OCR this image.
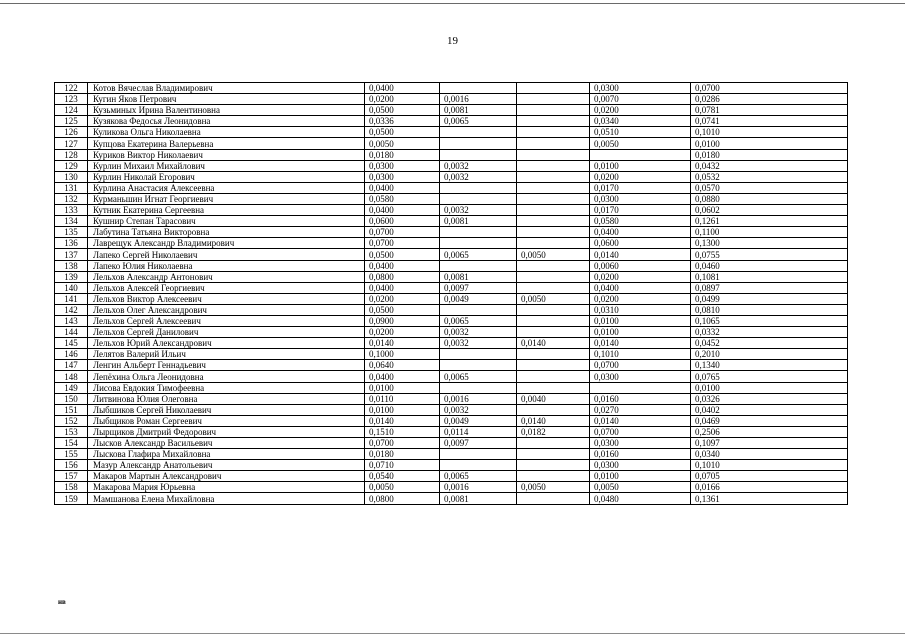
19
122	Котов Вячеслав Владимирович	0,0400			0,0300	0,0700
123	Кугин Яков Петрович	0,0200	0,0016		0,0070	0,0286
124	Кузьминых Ирина Валентиновна	0,0500	0,0081		0,0200	0,0781
125	Кузякова Федосья Леонидовна	0,0336	0,0065		0,0340	0,0741
126	Куликова Ольга Николаевна	0,0500			0,0510	0,1010
127	Купцова Екатерина Валерьевна	0,0050			0,0050	0,0100
128	Куриков Виктор Николаевич	0,0180				0,0180
129	Курлин Михаил Михайлович	0,0300	0,0032		0,0100	0,0432
130	Курлин Николай Егорович	0,0300	0,0032		0,0200	0,0532
131	Курлина Анастасия Алексеевна	0,0400			0,0170	0,0570
132	Курманьшин Игнат Георгиевич	0,0580			0,0300	0,0880
133	Кутник Екатерина Сергеевна	0,0400	0,0032		0,0170	0,0602
134	Кушнир Степан Тарасович	0,0600	0,0081		0,0580	0,1261
135	Лабутина Татьяна Викторовна	0,0700			0,0400	0,1100
136	Лаврещук Александр Владимирович	0,0700			0,0600	0,1300
137	Лапеко Сергей Николаевич	0,0500	0,0065	0,0050	0,0140	0,0755
138	Лапеко Юлия Николаевна	0,0400			0,0060	0,0460
139	Лельхов Александр Антонович	0,0800	0,0081		0,0200	0,1081
140	Лельхов Алексей Георгиевич	0,0400	0,0097		0,0400	0,0897
141	Лельхов Виктор Алексеевич	0,0200	0,0049	0,0050	0,0200	0,0499
142	Лельхов Олег Александрович	0,0500			0,0310	0,0810
143	Лельхов Сергей Алексеевич	0,0900	0,0065		0,0100	0,1065
144	Лельхов Сергей Данилович	0,0200	0,0032		0,0100	0,0332
145	Лельхов Юрий Александрович	0,0140	0,0032	0,0140	0,0140	0,0452
146	Лелятов Валерий Ильич	0,1000			0,1010	0,2010
147	Ленгин Альберт Геннадьевич	0,0640			0,0700	0,1340
148	Лепёхина Ольга Леонидовна	0,0400	0,0065		0,0300	0,0765
149	Лисова Евдокия Тимофеевна	0,0100				0,0100
150	Литвинова Юлия Олеговна	0,0110	0,0016	0,0040	0,0160	0,0326
151	Лыбшиков Сергей Николаевич	0,0100	0,0032		0,0270	0,0402
152	Лыбщиков Роман Сергеевич	0,0140	0,0049	0,0140	0,0140	0,0469
153	Лырщиков Дмитрий Федорович	0,1510	0,0114	0,0182	0,0700	0,2506
154	Лысков Александр Васильевич	0,0700	0,0097		0,0300	0,1097
155	Лыскова Глафира Михайловна	0,0180			0,0160	0,0340
156	Мазур Александр Анатольевич	0,0710			0,0300	0,1010
157	Макаров Мартын Александрович	0,0540	0,0065		0,0100	0,0705
158	Макарова Мария Юрьевна	0,0050	0,0016	0,0050	0,0050	0,0166
159	Мамшанова Елена Михайловна	0,0800	0,0081		0,0480	0,1361
нв
